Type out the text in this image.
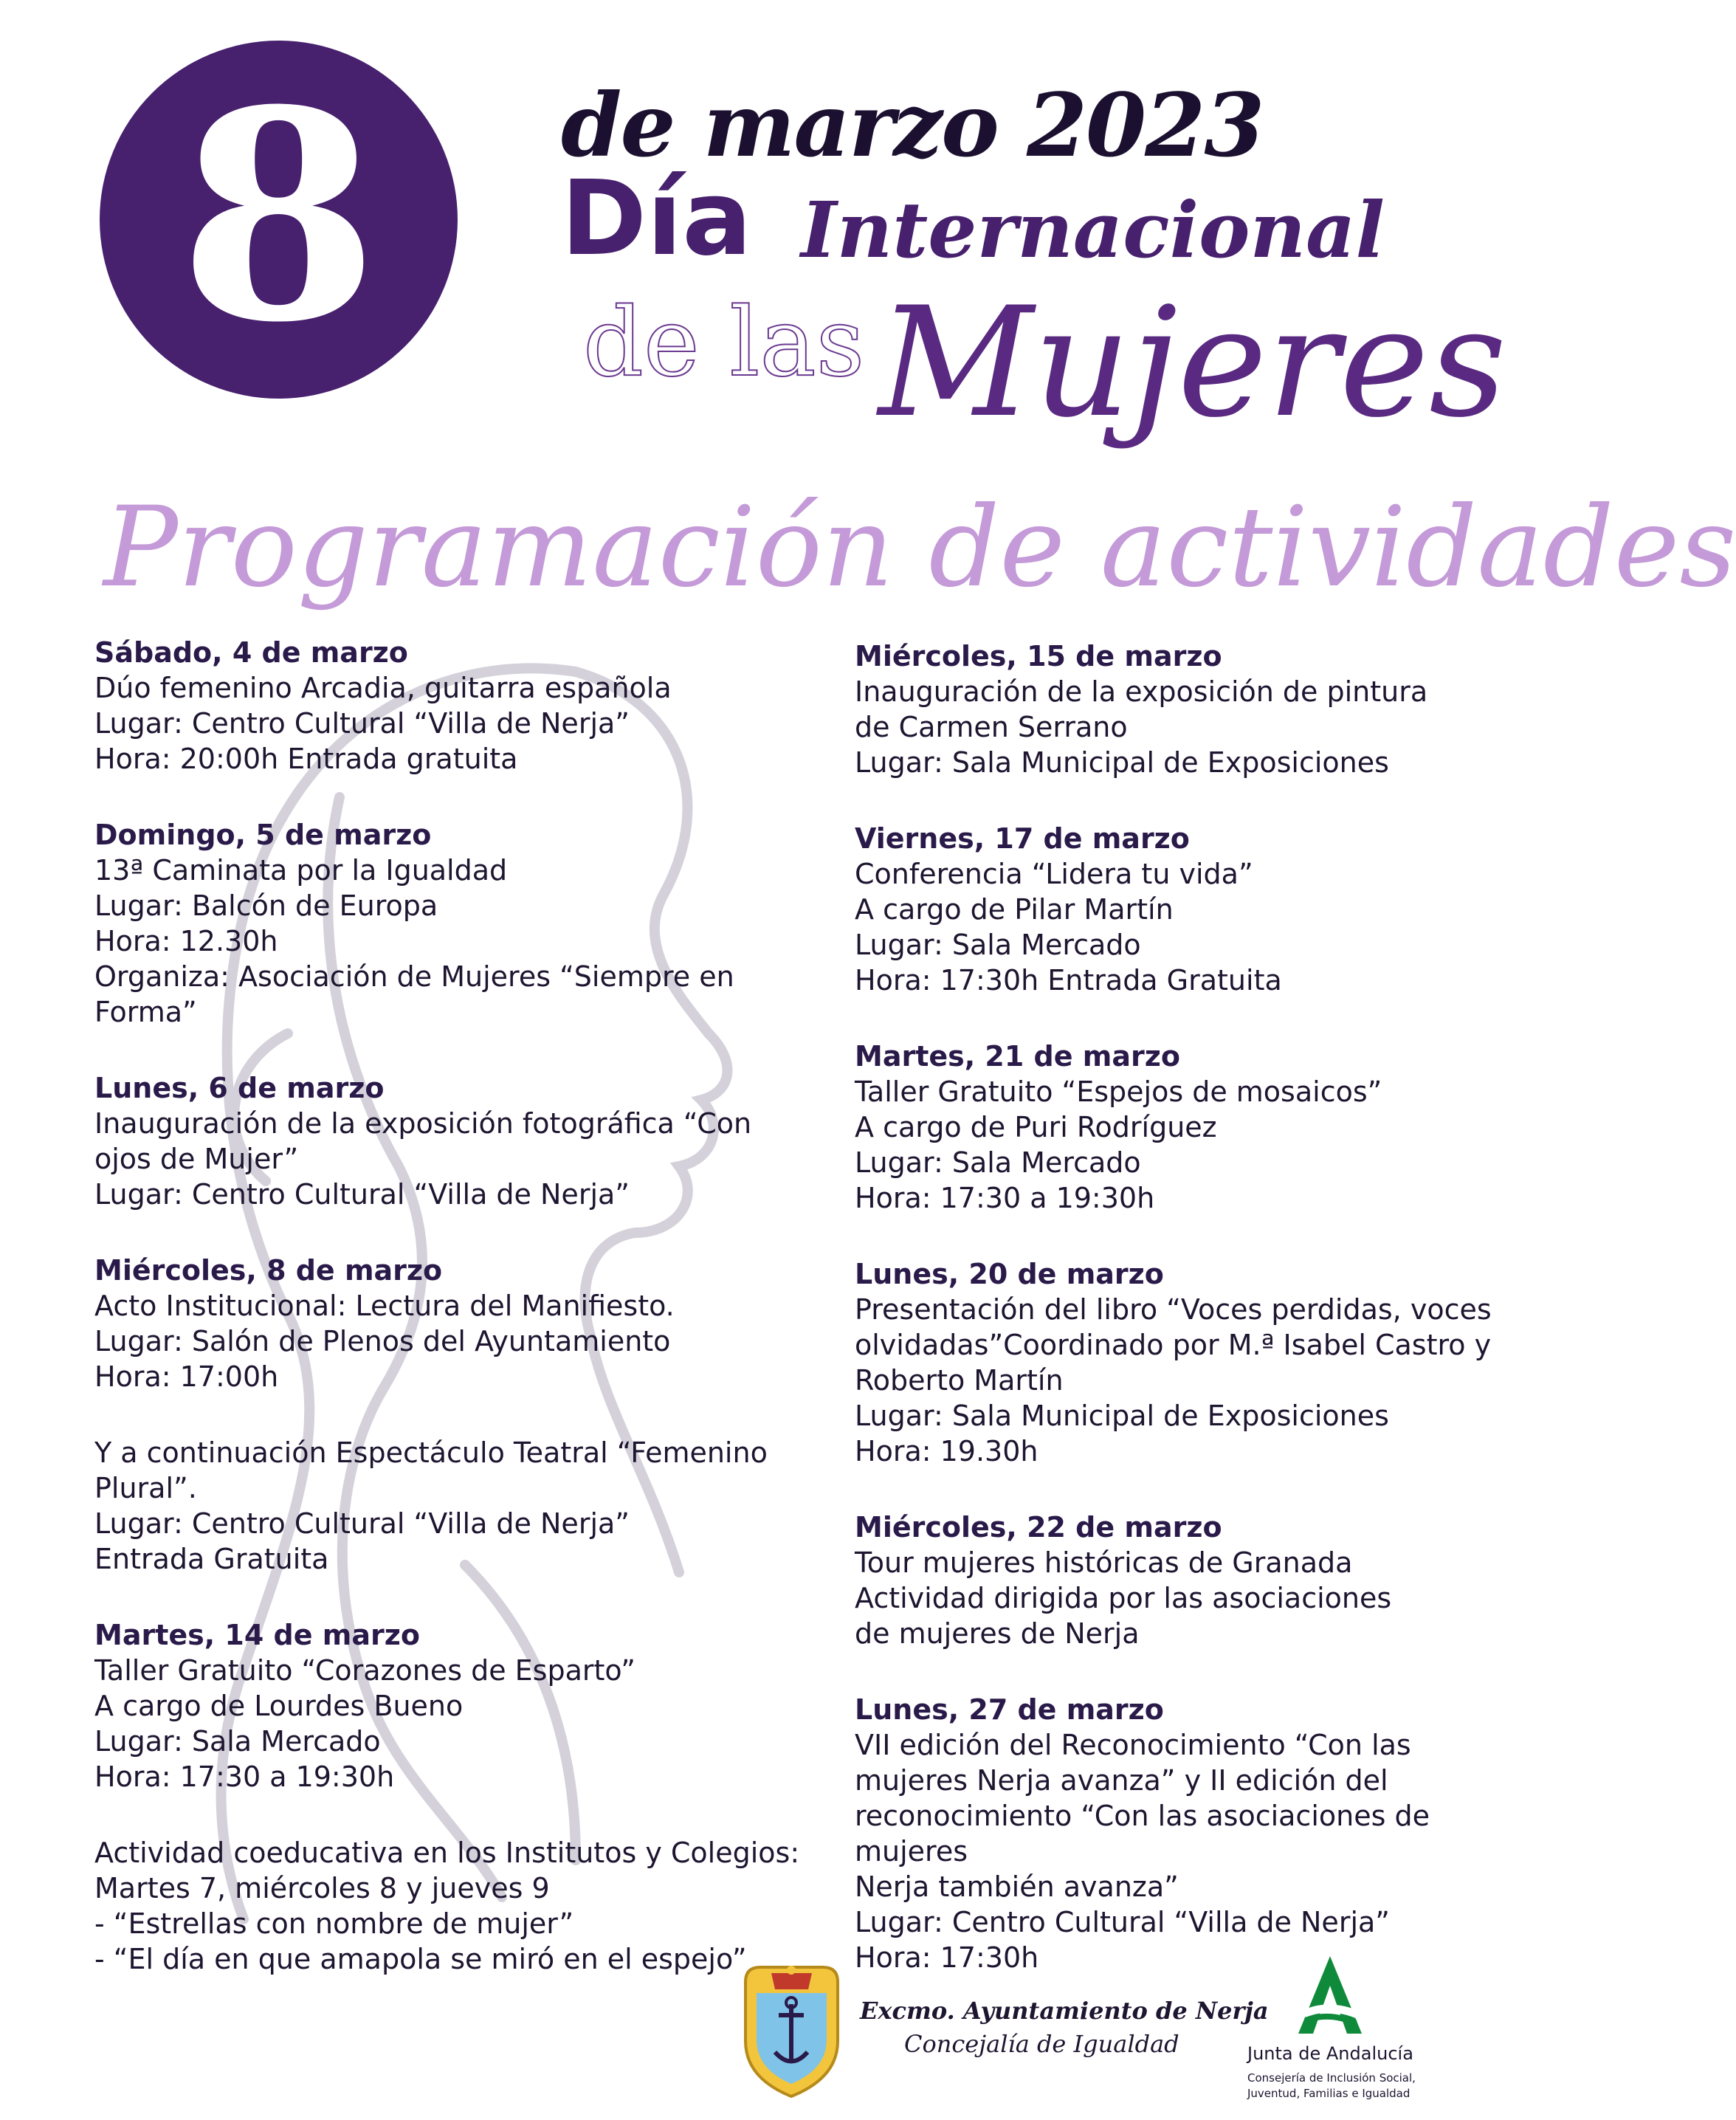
8 de marzo 2023
Día Internacional
de las Mujeres
Programación de actividades
Sábado, 4 de marzo
Dúo femenino Arcadia, guitarra española
Lugar: Centro Cultural “Villa de Nerja”
Hora: 20:00h Entrada gratuita
Domingo, 5 de marzo
13ª Caminata por la Igualdad
Lugar: Balcón de Europa
Hora: 12.30h
Organiza: Asociación de Mujeres “Siempre en
Forma”
Lunes, 6 de marzo
Inauguración de la exposición fotográfica “Con
ojos de Mujer”
Lugar: Centro Cultural “Villa de Nerja”
Miércoles, 8 de marzo
Acto Institucional: Lectura del Manifiesto.
Lugar: Salón de Plenos del Ayuntamiento
Hora: 17:00h
Y a continuación Espectáculo Teatral “Femenino Plural”.
Lugar: Centro Cultural “Villa de Nerja”
Entrada Gratuita
Martes, 14 de marzo
Taller Gratuito “Corazones de Esparto”
A cargo de Lourdes Bueno
Lugar: Sala Mercado
Hora: 17:30 a 19:30h
Actividad coeducativa en los Institutos y Colegios:
Martes 7, miércoles 8 y jueves 9
- “Estrellas con nombre de mujer”
- “El día en que amapola se miró en el espejo”
Miércoles, 15 de marzo
Inauguración de la exposición de pintura
de Carmen Serrano
Lugar: Sala Municipal de Exposiciones
Viernes, 17 de marzo
Conferencia “Lidera tu vida”
A cargo de Pilar Martín
Lugar: Sala Mercado
Hora: 17:30h Entrada Gratuita
Martes, 21 de marzo
Taller Gratuito “Espejos de mosaicos”
A cargo de Puri Rodríguez
Lugar: Sala Mercado
Hora: 17:30 a 19:30h
Lunes, 20 de marzo
Presentación del libro “Voces perdidas, voces
olvidadas”Coordinado por M.ª Isabel Castro y
Roberto Martín
Lugar: Sala Municipal de Exposiciones
Hora: 19.30h
Miércoles, 22 de marzo
Tour mujeres históricas de Granada
Actividad dirigida por las asociaciones
de mujeres de Nerja
Lunes, 27 de marzo
VII edición del Reconocimiento “Con las
mujeres Nerja avanza” y II edición del
reconocimiento “Con las asociaciones de mujeres
Nerja también avanza”
Lugar: Centro Cultural “Villa de Nerja”
Hora: 17:30h
Excmo. Ayuntamiento de Nerja
Concejalía de Igualdad	Junta de Andalucía
Consejería de Inclusión Social, Juventud, Familias e Igualdad
